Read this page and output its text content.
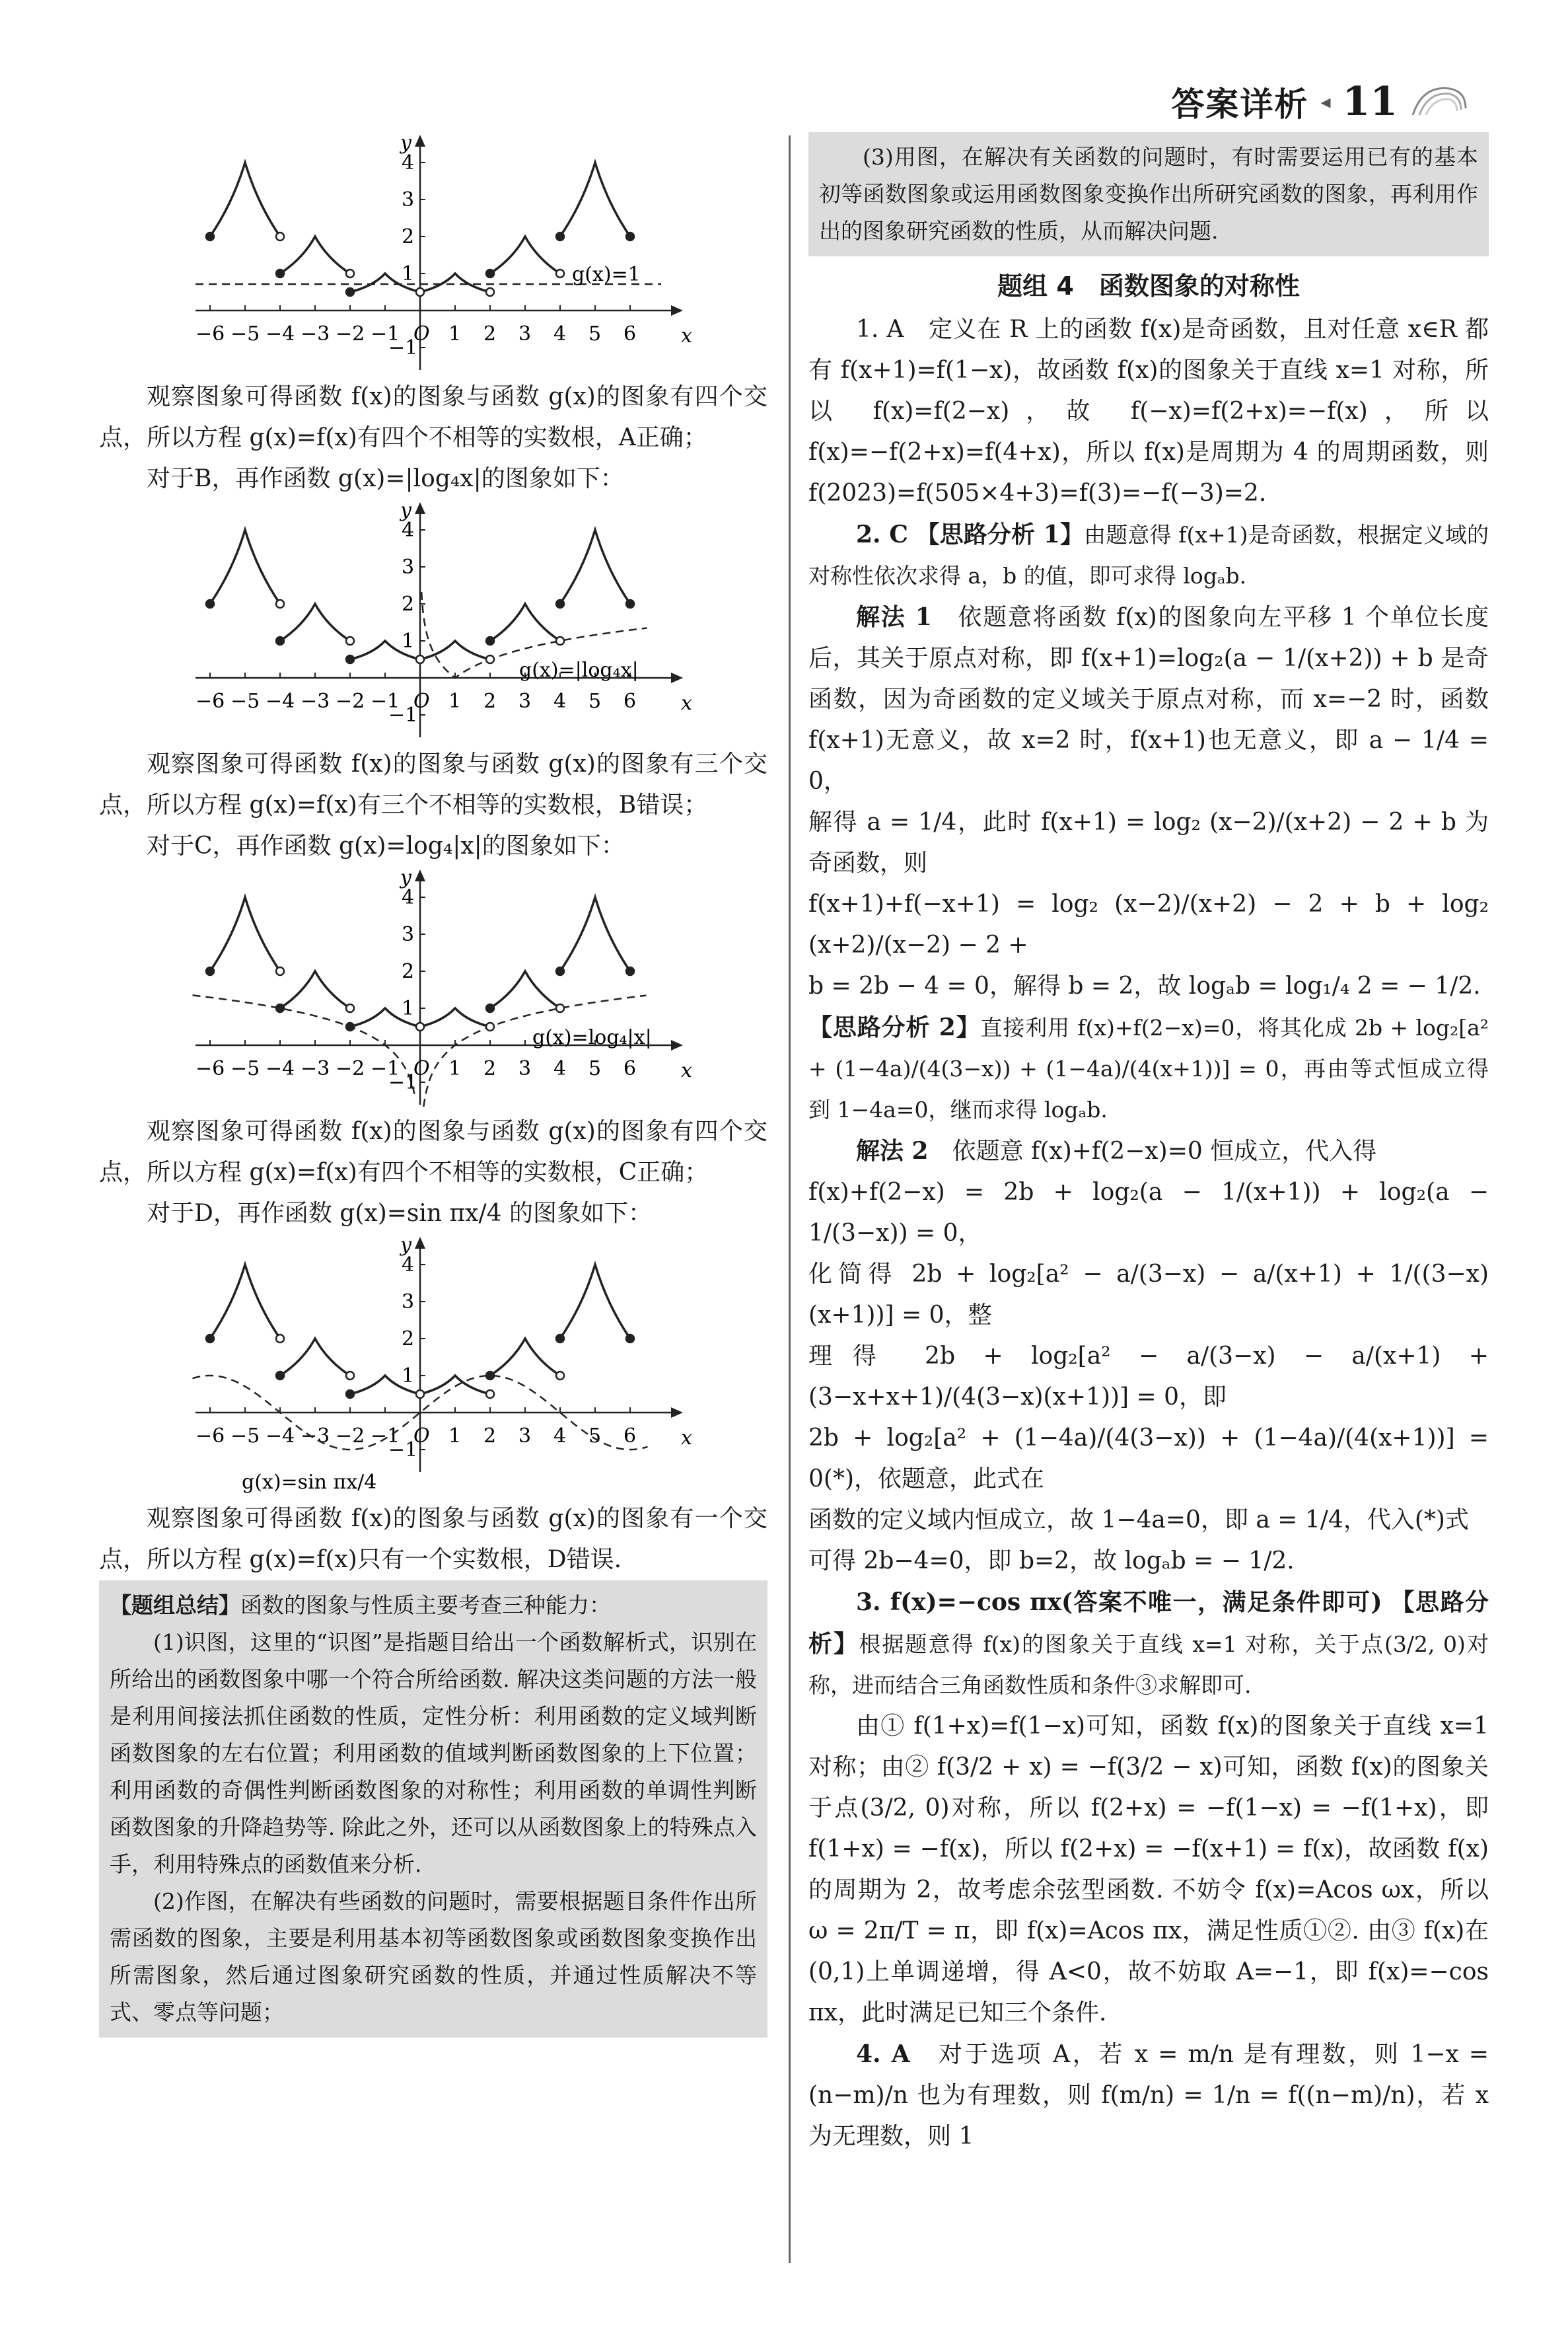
答案详析 ◂ 11
x
y
−6 −5 −4 −3 −2 −1 O 1 2 3 4 5 6
4
3
2
1
−1
g(x)=1

观察图象可得函数 f(x)的图象与函数 g(x)的图象有四个交点，所以方程 g(x)=f(x)有四个不相等的实数根，A正确；

对于B，再作函数 g(x)=|log₄x|的图象如下：

x
y
−6 −5 −4 −3 −2 −1 O 1 2 3 4 5 6
4
3
2
1
−1
g(x)=|log₄x|

观察图象可得函数 f(x)的图象与函数 g(x)的图象有三个交点，所以方程 g(x)=f(x)有三个不相等的实数根，B错误；

对于C，再作函数 g(x)=log₄|x|的图象如下：

x
y
−6 −5 −4 −3 −2 −1 O 1 2 3 4 5 6
4
3
2
1
−1
g(x)=log₄|x|

观察图象可得函数 f(x)的图象与函数 g(x)的图象有四个交点，所以方程 g(x)=f(x)有四个不相等的实数根，C正确；

对于D，再作函数 g(x)=sin πx/4 的图象如下：

x
y
−6 −5 −4 −3 −2 −1 O 1 2 3 4 5 6
4
3
2
1
−1
g(x)=sin πx/4

观察图象可得函数 f(x)的图象与函数 g(x)的图象有一个交点，所以方程 g(x)=f(x)只有一个实数根，D错误.

【题组总结】函数的图象与性质主要考查三种能力：

(1)识图，这里的“识图”是指题目给出一个函数解析式，识别在所给出的函数图象中哪一个符合所给函数. 解决这类问题的方法一般是利用间接法抓住函数的性质，定性分析：利用函数的定义域判断函数图象的左右位置；利用函数的值域判断函数图象的上下位置；利用函数的奇偶性判断函数图象的对称性；利用函数的单调性判断函数图象的升降趋势等. 除此之外，还可以从函数图象上的特殊点入手，利用特殊点的函数值来分析.

(2)作图，在解决有些函数的问题时，需要根据题目条件作出所需函数的图象，主要是利用基本初等函数图象或函数图象变换作出所需图象，然后通过图象研究函数的性质，并通过性质解决不等式、零点等问题；

(3)用图，在解决有关函数的问题时，有时需要运用已有的基本初等函数图象或运用函数图象变换作出所研究函数的图象，再利用作出的图象研究函数的性质，从而解决问题.

题组 4　函数图象的对称性

1. A　定义在 R 上的函数 f(x)是奇函数，且对任意 x∈R 都有 f(x+1)=f(1−x)，故函数 f(x)的图象关于直线 x=1 对称，所以 f(x)=f(2−x)，故 f(−x)=f(2+x)=−f(x)，所以 f(x)=−f(2+x)=f(4+x)，所以 f(x)是周期为 4 的周期函数，则 f(2023)=f(505×4+3)=f(3)=−f(−3)=2.

2. C 【思路分析 1】由题意得 f(x+1)是奇函数，根据定义域的对称性依次求得 a，b 的值，即可求得 logₐb.

解法 1　 依题意将函数 f(x)的图象向左平移 1 个单位长度后，其关于原点对称，即 f(x+1)=log₂(a − 1/(x+2)) + b 是奇函数，因为奇函数的定义域关于原点对称，而 x=−2 时，函数 f(x+1)无意义，故 x=2 时，f(x+1)也无意义，即 a − 1/4 = 0，

解得 a = 1/4，此时 f(x+1) = log₂ (x−2)/(x+2) − 2 + b 为奇函数，则

f(x+1)+f(−x+1) = log₂ (x−2)/(x+2) − 2 + b + log₂ (x+2)/(x−2) − 2 +

b = 2b − 4 = 0，解得 b = 2，故 logₐb = log₁/₄ 2 = − 1/2.

【思路分析 2】直接利用 f(x)+f(2−x)=0，将其化成 2b + log₂[a² + (1−4a)/(4(3−x)) + (1−4a)/(4(x+1))] = 0，再由等式恒成立得到 1−4a=0，继而求得 logₐb.

解法 2　 依题意 f(x)+f(2−x)=0 恒成立，代入得

f(x)+f(2−x) = 2b + log₂(a − 1/(x+1)) + log₂(a − 1/(3−x)) = 0，

化简得 2b + log₂[a² − a/(3−x) − a/(x+1) + 1/((3−x)(x+1))] = 0，整

理得 2b + log₂[a² − a/(3−x) − a/(x+1) + (3−x+x+1)/(4(3−x)(x+1))] = 0，即

2b + log₂[a² + (1−4a)/(4(3−x)) + (1−4a)/(4(x+1))] = 0(*)，依题意，此式在

函数的定义域内恒成立，故 1−4a=0，即 a = 1/4，代入(*)式

可得 2b−4=0，即 b=2，故 logₐb = − 1/2.

3. f(x)=−cos πx(答案不唯一，满足条件即可) 【思路分析】根据题意得 f(x)的图象关于直线 x=1 对称，关于点(3/2, 0)对称，进而结合三角函数性质和条件③求解即可.

由① f(1+x)=f(1−x)可知，函数 f(x)的图象关于直线 x=1 对称；由② f(3/2 + x) = −f(3/2 − x)可知，函数 f(x)的图象关于点(3/2, 0)对称，所以 f(2+x) = −f(1−x) = −f(1+x)，即 f(1+x) = −f(x)，所以 f(2+x) = −f(x+1) = f(x)，故函数 f(x)的周期为 2，故考虑余弦型函数. 不妨令 f(x)=Acos ωx，所以 ω = 2π/T = π，即 f(x)=Acos πx，满足性质①②. 由③ f(x)在(0,1)上单调递增，得 A<0，故不妨取 A=−1，即 f(x)=−cos πx，此时满足已知三个条件.

4. A　 对于选项 A，若 x = m/n 是有理数，则 1−x = (n−m)/n 也为有理数，则 f(m/n) = 1/n = f((n−m)/n)，若 x 为无理数，则 1
